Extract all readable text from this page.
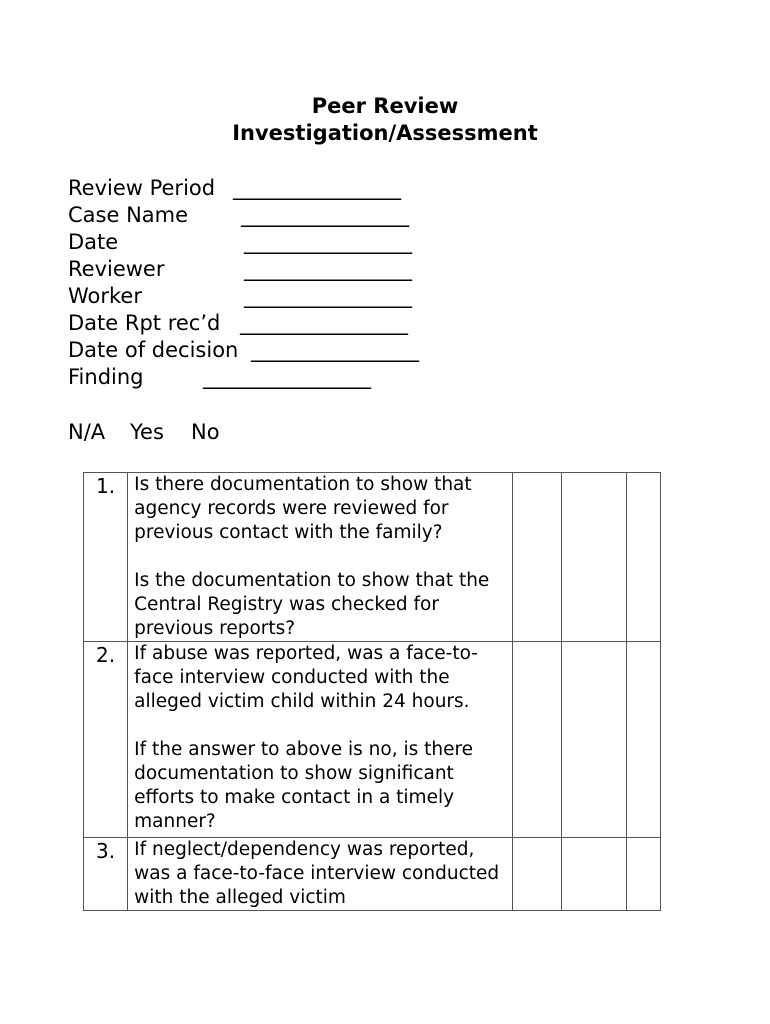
Peer Review
Investigation/Assessment
Review Period ________________
Case Name	________________
Date	________________
Reviewer	________________
Worker	________________
Date Rpt rec’d ________________
Date of decision ________________
Finding	________________
N/A Yes No
1.	Is there documentation to show that agency records were reviewed for previous contact with the family?

Is the documentation to show that the Central Registry was checked for previous reports?			

2.	If abuse was reported, was a face-to-face interview conducted with the alleged victim child within 24 hours.

If the answer to above is no, is there documentation to show significant efforts to make contact in a timely manner?			

3.	If neglect/dependency was reported, was a face-to-face interview conducted with the alleged victim			
